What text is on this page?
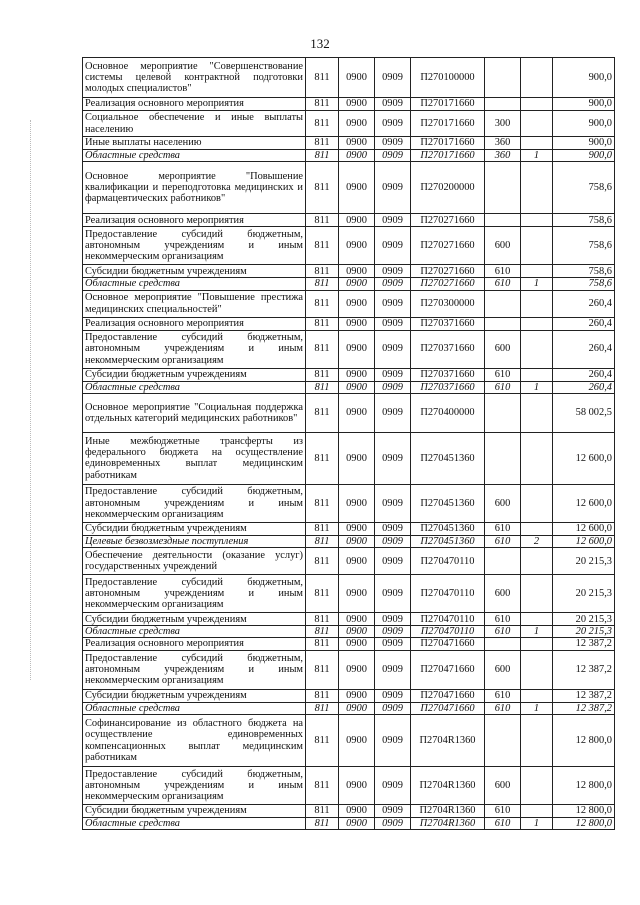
132
Основное мероприятие "Совершенствование системы целевой контрактной подготовки молодых специалистов"	811	0900	0909	П270100000			900,0
Реализация основного мероприятия	811	0900	0909	П270171660			900,0
Социальное обеспечение и иные выплаты населению	811	0900	0909	П270171660	300		900,0
Иные выплаты населению	811	0900	0909	П270171660	360		900,0
Областные средства	811	0900	0909	П270171660	360	1	900,0
Основное мероприятие "Повышение квалификации и переподготовка медицинских и фармацевтических работников"	811	0900	0909	П270200000			758,6
Реализация основного мероприятия	811	0900	0909	П270271660			758,6
Предоставление субсидий бюджетным, автономным учреждениям и иным некоммерческим организациям	811	0900	0909	П270271660	600		758,6
Субсидии бюджетным учреждениям	811	0900	0909	П270271660	610		758,6
Областные средства	811	0900	0909	П270271660	610	1	758,6
Основное мероприятие "Повышение престижа медицинских специальностей"	811	0900	0909	П270300000			260,4
Реализация основного мероприятия	811	0900	0909	П270371660			260,4
Предоставление субсидий бюджетным, автономным учреждениям и иным некоммерческим организациям	811	0900	0909	П270371660	600		260,4
Субсидии бюджетным учреждениям	811	0900	0909	П270371660	610		260,4
Областные средства	811	0900	0909	П270371660	610	1	260,4
Основное мероприятие "Социальная поддержка отдельных категорий медицинских работников"	811	0900	0909	П270400000			58 002,5
Иные межбюджетные трансферты из федерального бюджета на осуществление единовременных выплат медицинским работникам	811	0900	0909	П270451360			12 600,0
Предоставление субсидий бюджетным, автономным учреждениям и иным некоммерческим организациям	811	0900	0909	П270451360	600		12 600,0
Субсидии бюджетным учреждениям	811	0900	0909	П270451360	610		12 600,0
Целевые безвозмездные поступления	811	0900	0909	П270451360	610	2	12 600,0
Обеспечение деятельности (оказание услуг) государственных учреждений	811	0900	0909	П270470110			20 215,3
Предоставление субсидий бюджетным, автономным учреждениям и иным некоммерческим организациям	811	0900	0909	П270470110	600		20 215,3
Субсидии бюджетным учреждениям	811	0900	0909	П270470110	610		20 215,3
Областные средства	811	0900	0909	П270470110	610	1	20 215,3
Реализация основного мероприятия	811	0900	0909	П270471660			12 387,2
Предоставление субсидий бюджетным, автономным учреждениям и иным некоммерческим организациям	811	0900	0909	П270471660	600		12 387,2
Субсидии бюджетным учреждениям	811	0900	0909	П270471660	610		12 387,2
Областные средства	811	0900	0909	П270471660	610	1	12 387,2
Софинансирование из областного бюджета на осуществление единовременных компенсационных выплат медицинским работникам	811	0900	0909	П2704R1360			12 800,0
Предоставление субсидий бюджетным, автономным учреждениям и иным некоммерческим организациям	811	0900	0909	П2704R1360	600		12 800,0
Субсидии бюджетным учреждениям	811	0900	0909	П2704R1360	610		12 800,0
Областные средства	811	0900	0909	П2704R1360	610	1	12 800,0
